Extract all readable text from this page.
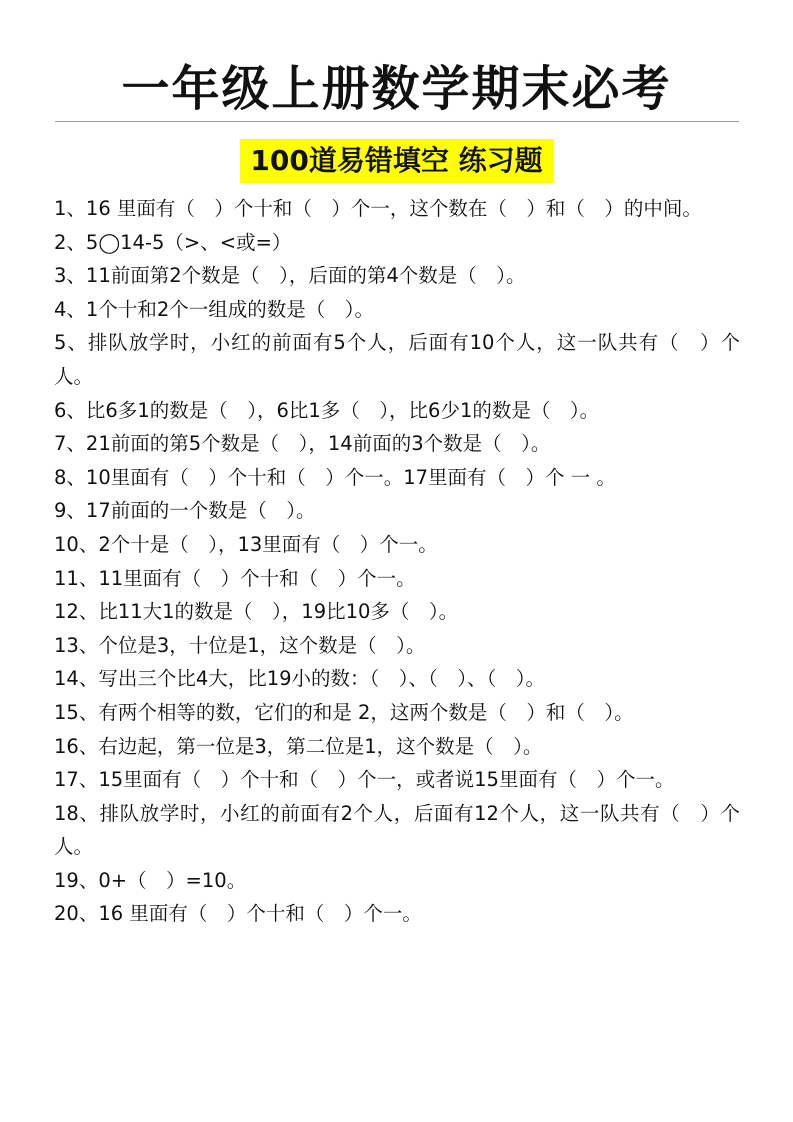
一年级上册数学期末必考
100道易错填空 练习题
1、16 里面有（　）个十和（　）个一，这个数在（　）和（　）的中间。
2、5◯14-5（>、<或=）
3、11前面第2个数是（　），后面的第4个数是（　）。
4、1个十和2个一组成的数是（　）。
5、排队放学时，小红的前面有5个人，后面有10个人，这一队共有（　）个人。
6、比6多1的数是（　），6比1多（　），比6少1的数是（　）。
7、21前面的第5个数是（　），14前面的3个数是（　）。
8、10里面有（　）个十和（　）个一。17里面有（　）个 一 。
9、17前面的一个数是（　）。
10、2个十是（　），13里面有（　）个一。
11、11里面有（　）个十和（　）个一。
12、比11大1的数是（　），19比10多（　）。
13、个位是3，十位是1，这个数是（　）。
14、写出三个比4大，比19小的数：（　）、（　）、（　）。
15、有两个相等的数，它们的和是 2，这两个数是（　）和（　）。
16、右边起，第一位是3，第二位是1，这个数是（　）。
17、15里面有（　）个十和（　）个一，或者说15里面有（　）个一。
18、排队放学时，小红的前面有2个人，后面有12个人，这一队共有（　）个人。
19、0+（　）=10。
20、16 里面有（　）个十和（　）个一。
